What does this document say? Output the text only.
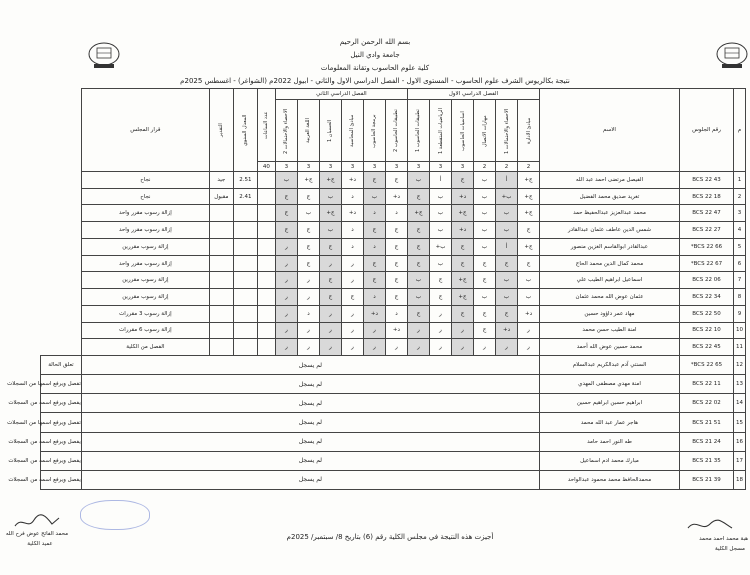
بسم الله الرحمن الرحيم
جامعة وادي النيل
كلية علوم الحاسوب وتقانة المعلومات
نتيجة بكالريوس الشرف علوم الحاسوب - المستوى الاول - الفصل الدراسي الاول والثاني - ابيول 2022م (الشواغر) - اغسطس 2025م
م	رقم الجلوس	الاسم	الفصل الدراسي الاول						الفصل الدراسي الثاني						عدد الساعات	المعدل السنوي	التقدير	قرار المجلس	
			مبادئ الادارة	الاحصاء والاحتمالات 1	مهارات الاتصال	اساسيات الحاسوب	الرياضيات المتقطعة 1	تطبيقات الحاسوب 1	تطبيقات الحاسوب 2	برمجة الحاسوب	مبادئ المحاسبة	الحسبان 1	اللغة العربية	الاحصاء والاحتمالات 2					
			2	2	2	3	3	3	3	3	3	3	3	3	40				
1	BCS 22 43	الفيصل مرتضى احمد عبد الله	ج+	أ	ب	ج	أ	ب	ج	ج	د+	ج+	ج+	ب		2.51	جيد	نجاح	
2	BCS 22 18	تغريد صديق محمد الفضيل	ج+	ب+	ب	د+	ب	ج	د+	ب	د	ب	ج	ج		2.41	مقبول	نجاح	
3	BCS 22 47	محمد عبدالعزيز عبدالحفيظ حمد	ج+	ب	ب	ج+	ب	ج+	د	د	د+	ج+	ب	ج				إزالة رسوب مقرر واحد	
4	BCS 22 27	شمس الدين عاطف عثمان عبدالقادر	ج	ب	ب	د+	ب	ج	ج	ج	د	ب	ج	ج				إزالة رسوب مقرر واحد	
5	BCS 22 66*	عبدالقادر ابوالقاسم الغزين منصور	ج+	أ	ب	ج	ب+	ج	ج	د	د	ج	ج	ر				إزالة رسوب مقررين	
6	BCS 22 67*	محمد كمال الدين محمد الحاج	ج	ج	ج	ج	ب	ج	ج	ج	ر	ر	ج	ر				إزالة رسوب مقرر واحد	
7	BCS 22 06	اسماعيل ابراهيم الطيب علي	ب	ب	ج	ج+	ج	ب	ج	ج	ر	ج	ر	ر				إزالة رسوب مقررين	
8	BCS 22 34	عثمان عوض الله محمد عثمان	ب	ب	ب	ج+	ج	ب	ج	د	ج	ج	ر	ر				إزالة رسوب مقررين	
9	BCS 22 50	مهاد عمر داؤود حسين	د+	ج	ج	ج	ر	ج	د	د+	ر	ر	د	ر				إزالة رسوب 3 مقررات	
10	BCS 22 10	امنة الطيب حسن محمد	ر	د+	ج	ر	ر	ر	د+	ر	ر	ر	ر	ر				إزالة رسوب 6 مقررات	
11	BCS 22 45	محمد حسين عوض الله أحمد	ر	ر	ر	ر	ر	ر	ر	ر	ر	ر	ر	ر				الفصل من الكلية	
12	BCS 22 65*	السنتي آدم عبدالكريم عبدالسلام	لم يسجل																تعلق الحالة
13	BCS 22 11	امنة مهدي مصطفى المهدي	لم يسجل																تفصل ويرفع اسمها من السجلات
14	BCS 22 02	ابراهيم حسين ابراهيم حسين	لم يسجل																يفصل ويرفع اسمه من السجلات
15	BCS 21 51	هاجر عمار عبد الله محمد	لم يسجل																تفصل ويرفع اسمها من السجلات
16	BCS 21 24	طه النور احمد حامد	لم يسجل																يفصل ويرفع اسمه من السجلات
17	BCS 21 35	مبارك محمد ادم اسماعيل	لم يسجل																يفصل ويرفع اسمه من السجلات
18	BCS 21 39	محمدالحافظ محمد محمود عبدالواحد	لم يسجل																يفصل ويرفع اسمه من السجلات
أجيزت هذه النتيجة في مجلس الكلية رقم (6) بتاريخ 8/ سبتمبر/ 2025م
محمد الفاتح عوض فرح الله
عميد الكلية
هبة محمد احمد محمد
مسجل الكلية
